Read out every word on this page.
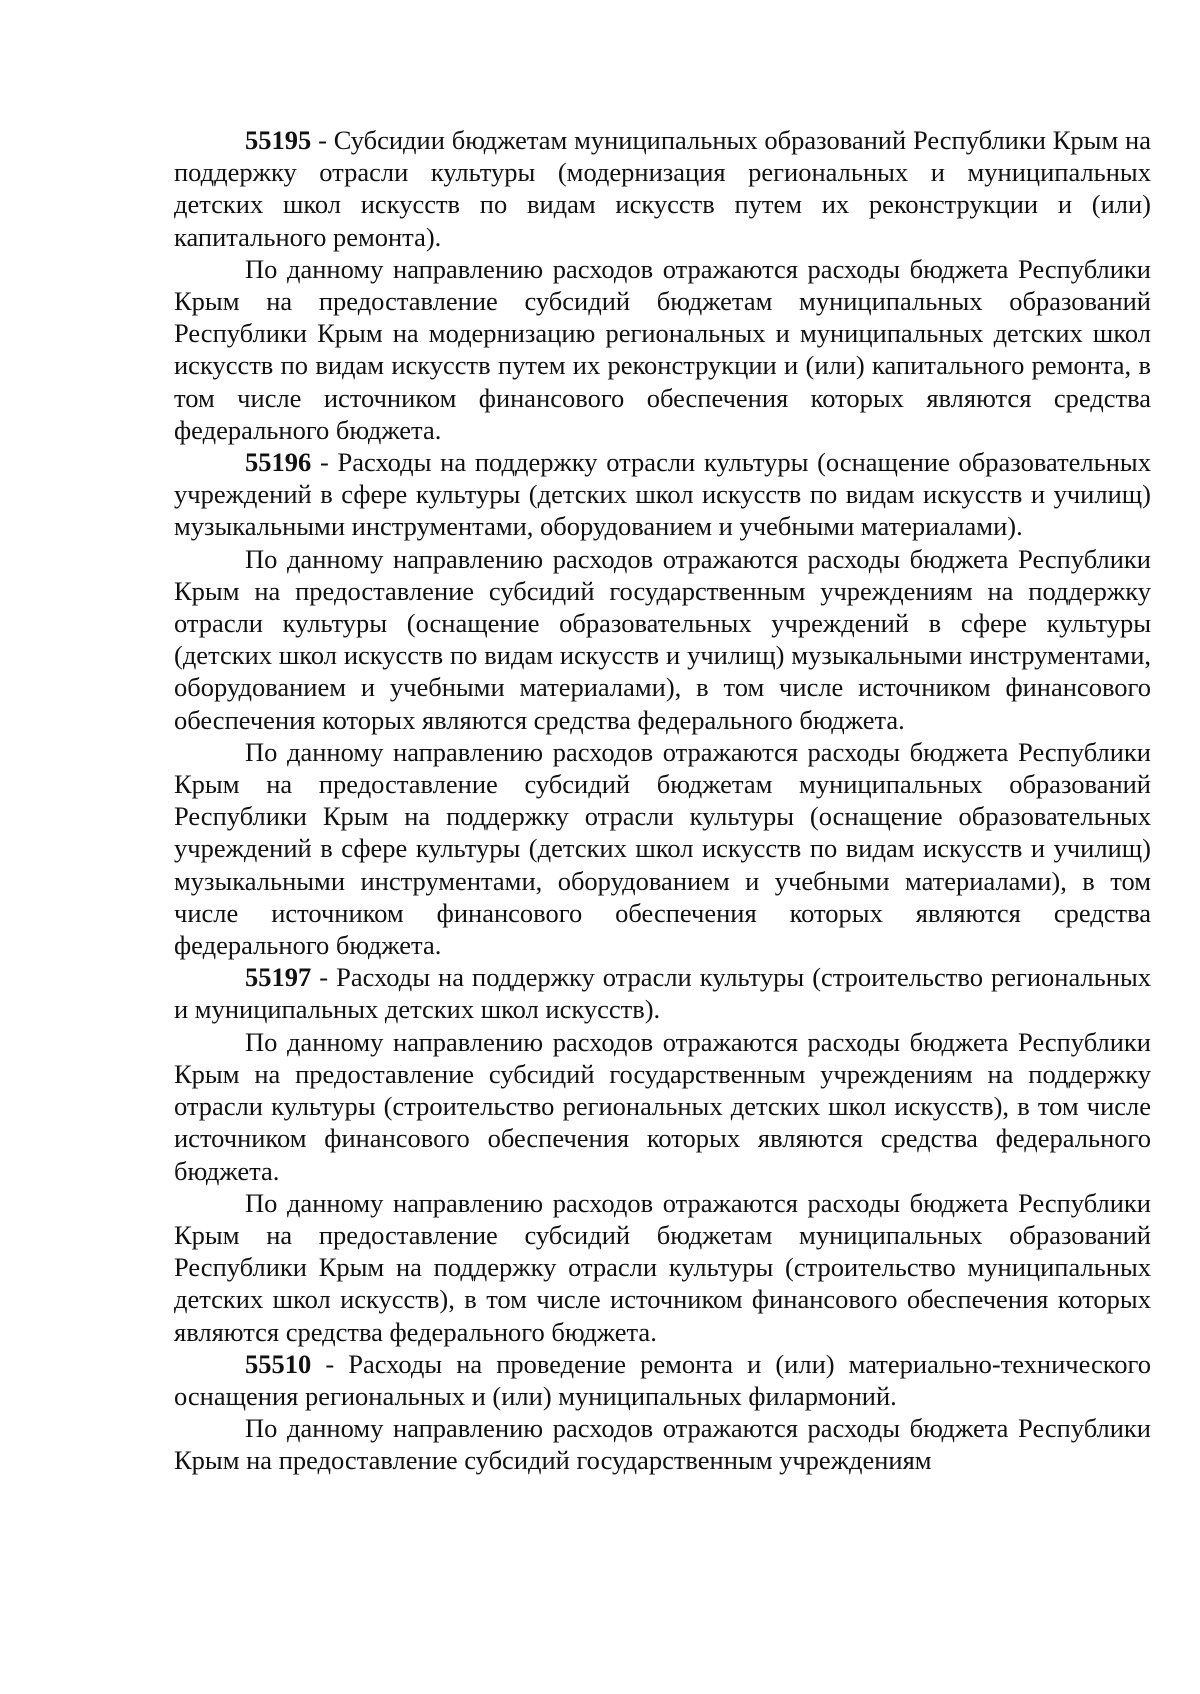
55195 - Субсидии бюджетам муниципальных образований Республики Крым на поддержку отрасли культуры (модернизация региональных и муниципальных детских школ искусств по видам искусств путем их реконструкции и (или) капитального ремонта).

По данному направлению расходов отражаются расходы бюджета Республики Крым на предоставление субсидий бюджетам муниципальных образований Республики Крым на модернизацию региональных и муниципальных детских школ искусств по видам искусств путем их реконструкции и (или) капитального ремонта, в том числе источником финансового обеспечения которых являются средства федерального бюджета.

55196 - Расходы на поддержку отрасли культуры (оснащение образовательных учреждений в сфере культуры (детских школ искусств по видам искусств и училищ) музыкальными инструментами, оборудованием и учебными материалами).

По данному направлению расходов отражаются расходы бюджета Республики Крым на предоставление субсидий государственным учреждениям на поддержку отрасли культуры (оснащение образовательных учреждений в сфере культуры (детских школ искусств по видам искусств и училищ) музыкальными инструментами, оборудованием и учебными материалами), в том числе источником финансового обеспечения которых являются средства федерального бюджета.

По данному направлению расходов отражаются расходы бюджета Республики Крым на предоставление субсидий бюджетам муниципальных образований Республики Крым на поддержку отрасли культуры (оснащение образовательных учреждений в сфере культуры (детских школ искусств по видам искусств и училищ) музыкальными инструментами, оборудованием и учебными материалами), в том числе источником финансового обеспечения которых являются средства федерального бюджета.

55197 - Расходы на поддержку отрасли культуры (строительство региональных и муниципальных детских школ искусств).

По данному направлению расходов отражаются расходы бюджета Республики Крым на предоставление субсидий государственным учреждениям на поддержку отрасли культуры (строительство региональных детских школ искусств), в том числе источником финансового обеспечения которых являются средства федерального бюджета.

По данному направлению расходов отражаются расходы бюджета Республики Крым на предоставление субсидий бюджетам муниципальных образований Республики Крым на поддержку отрасли культуры (строительство муниципальных детских школ искусств), в том числе источником финансового обеспечения которых являются средства федерального бюджета.

55510 - Расходы на проведение ремонта и (или) материально-технического оснащения региональных и (или) муниципальных филармоний.

По данному направлению расходов отражаются расходы бюджета Республики Крым на предоставление субсидий государственным учреждениям
